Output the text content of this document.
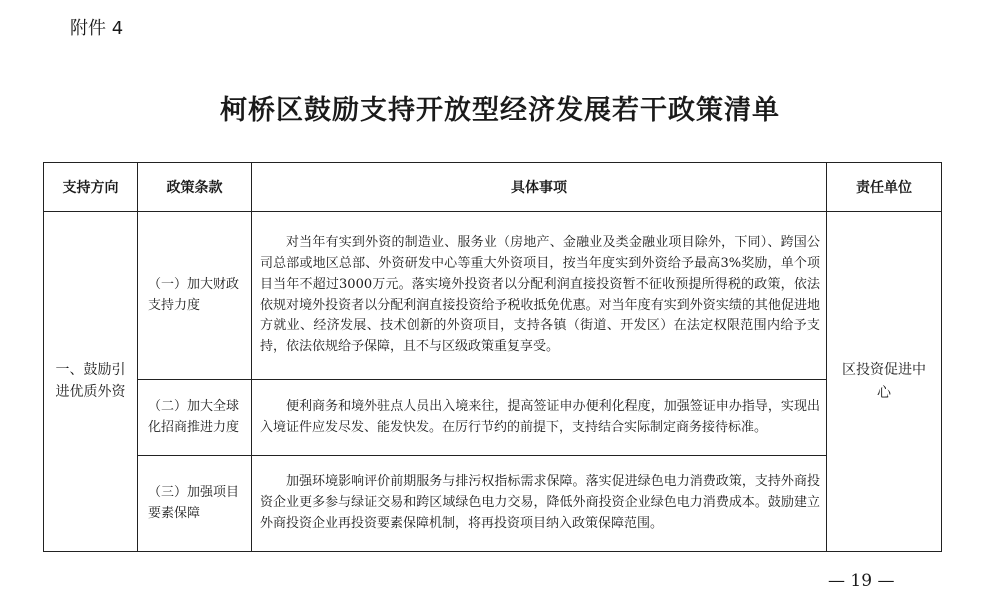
附件 4
柯桥区鼓励支持开放型经济发展若干政策清单
支持方向	政策条款	具体事项	责任单位
一、鼓励引进优质外资	（一）加大财政支持力度	对当年有实到外资的制造业、服务业（房地产、金融业及类金融业项目除外，下同）、跨国公司总部或地区总部、外资研发中心等重大外资项目，按当年度实到外资给予最高3%奖励，单个项目当年不超过3000万元。落实境外投资者以分配利润直接投资暂不征收预提所得税的政策，依法依规对境外投资者以分配利润直接投资给予税收抵免优惠。对当年度有实到外资实绩的其他促进地方就业、经济发展、技术创新的外资项目，支持各镇（街道、开发区）在法定权限范围内给予支持，依法依规给予保障，且不与区级政策重复享受。	区投资促进中心
	（二）加大全球化招商推进力度	便利商务和境外驻点人员出入境来往，提高签证申办便利化程度，加强签证申办指导，实现出入境证件应发尽发、能发快发。在厉行节约的前提下，支持结合实际制定商务接待标准。	
	（三）加强项目要素保障	加强环境影响评价前期服务与排污权指标需求保障。落实促进绿色电力消费政策，支持外商投资企业更多参与绿证交易和跨区域绿色电力交易，降低外商投资企业绿色电力消费成本。鼓励建立外商投资企业再投资要素保障机制，将再投资项目纳入政策保障范围。	
— 19 —
